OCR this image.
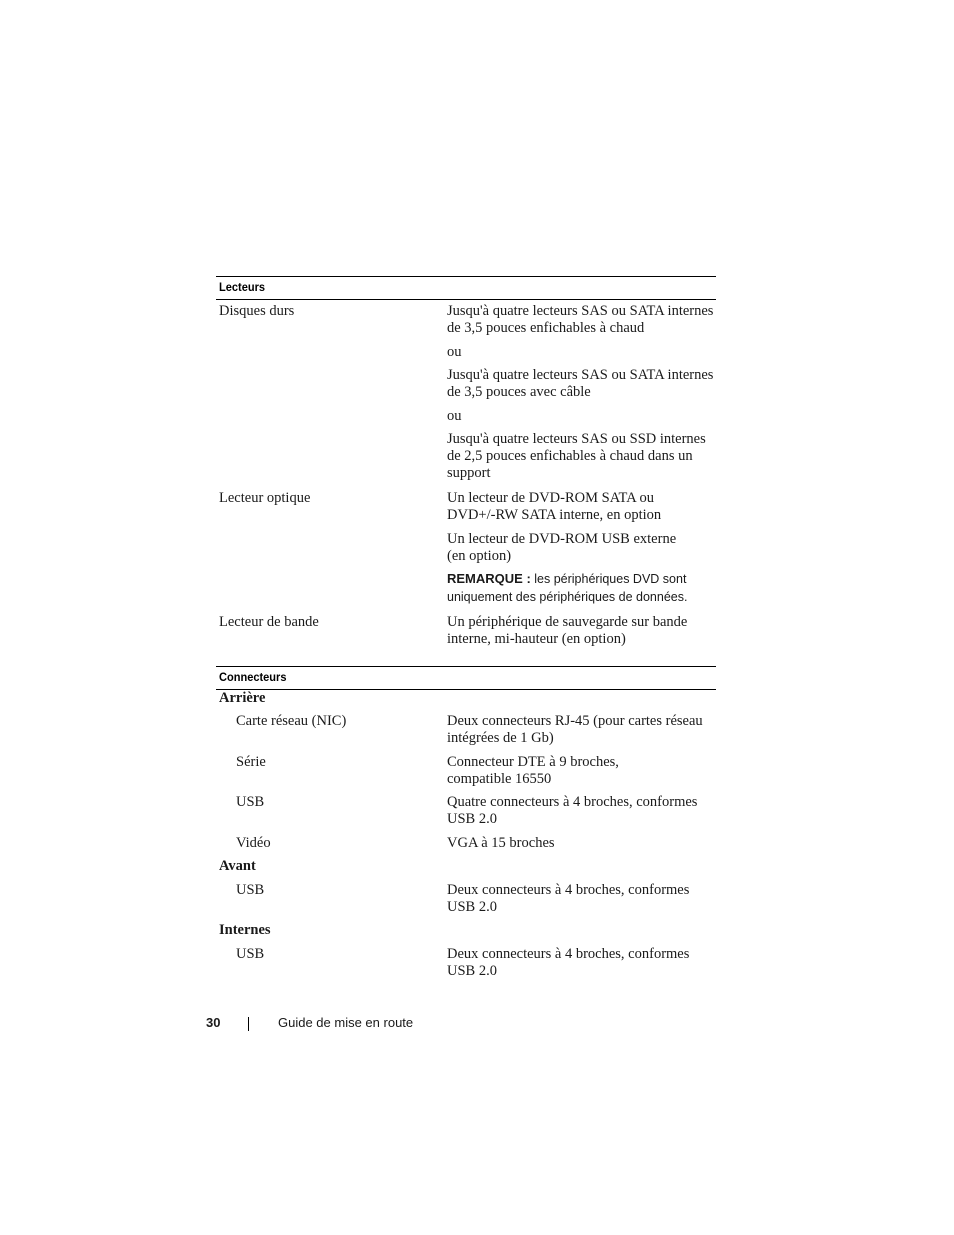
Lecteurs
Disques durs	Jusqu'à quatre lecteurs SAS ou SATA internes
de 3,5 pouces enfichables à chaud
ou
Jusqu'à quatre lecteurs SAS ou SATA internes
de 3,5 pouces avec câble
ou
Jusqu'à quatre lecteurs SAS ou SSD internes
de 2,5 pouces enfichables à chaud dans un
support
Lecteur optique	Un lecteur de DVD-ROM SATA ou
DVD+/-RW SATA interne, en option
Un lecteur de DVD-ROM USB externe
(en option)
REMARQUE : les périphériques DVD sont
uniquement des périphériques de données.
Lecteur de bande	Un périphérique de sauvegarde sur bande
interne, mi-hauteur (en option)
Connecteurs
Arrière
Carte réseau (NIC)	Deux connecteurs RJ-45 (pour cartes réseau
intégrées de 1 Gb)
Série	Connecteur DTE à 9 broches,
compatible 16550
USB	Quatre connecteurs à 4 broches, conformes
USB 2.0
Vidéo	VGA à 15 broches
Avant
USB	Deux connecteurs à 4 broches, conformes
USB 2.0
Internes
USB	Deux connecteurs à 4 broches, conformes
USB 2.0
30	Guide de mise en route
